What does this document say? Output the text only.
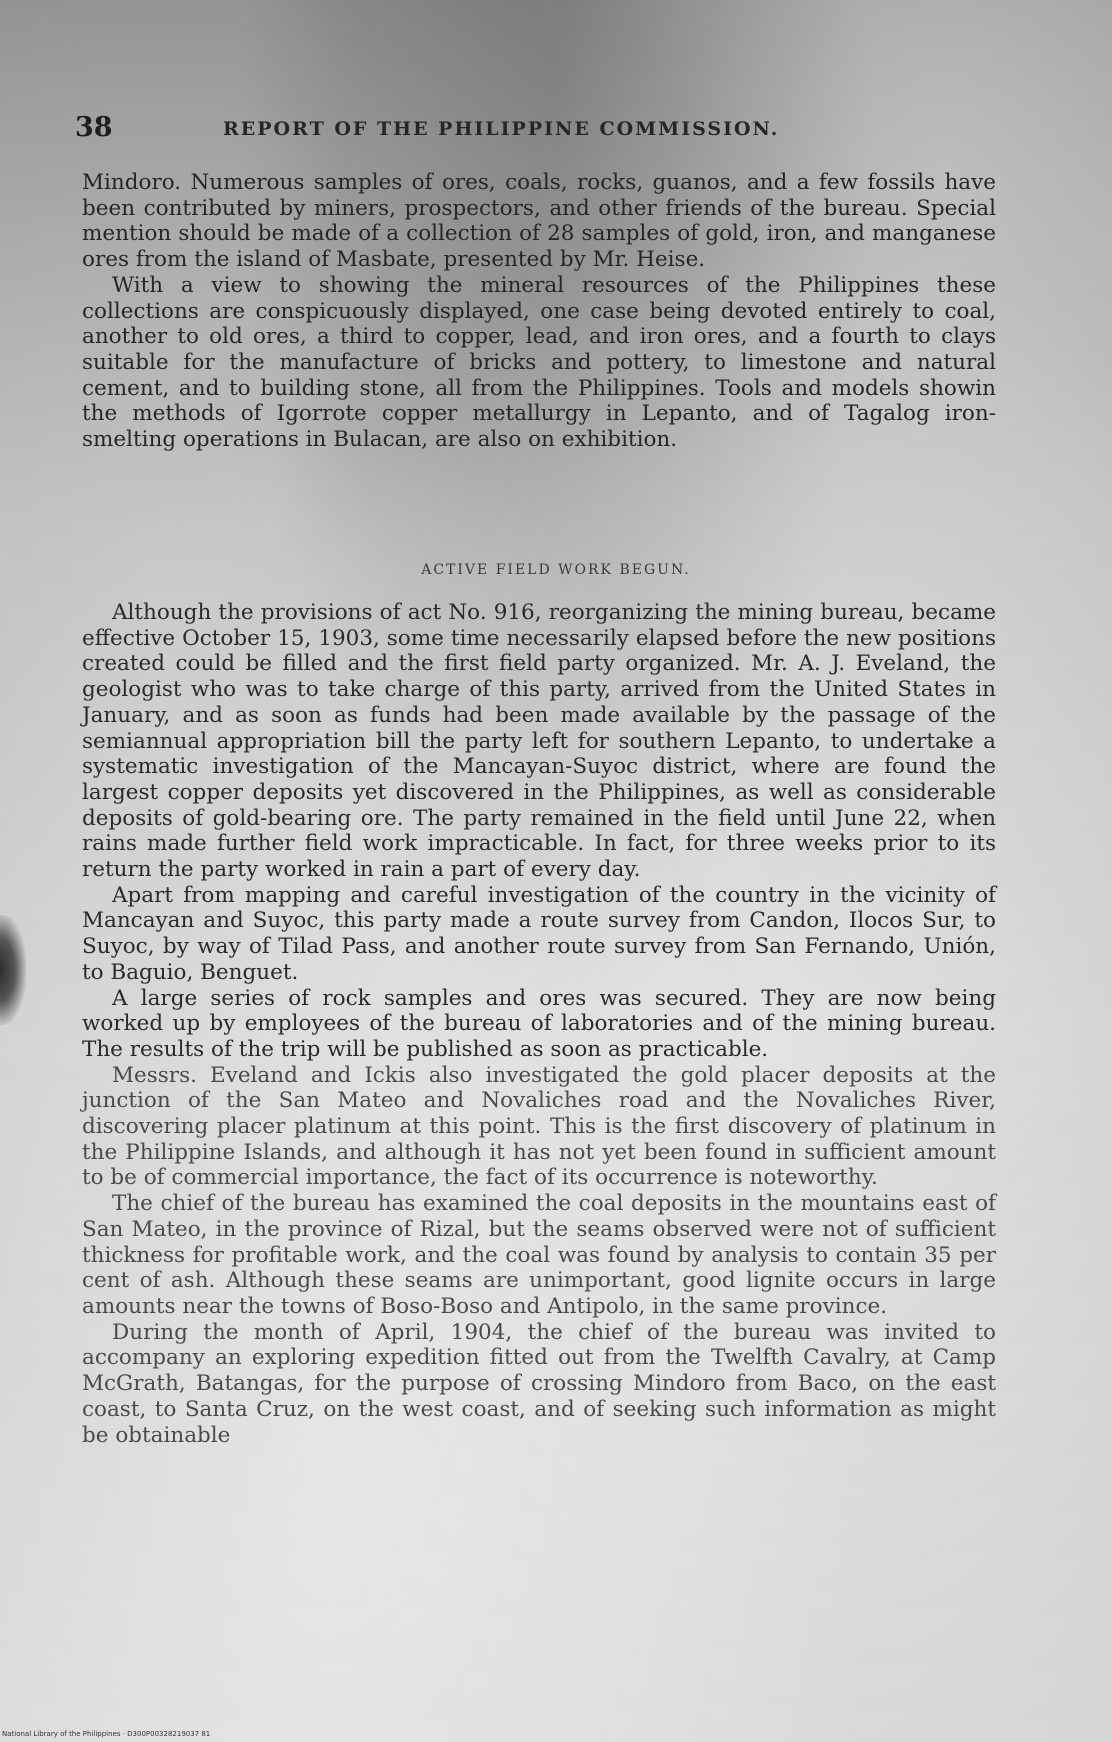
38	REPORT OF THE PHILIPPINE COMMISSION.

Mindoro. Numerous samples of ores, coals, rocks, guanos, and a few fossils have been contributed by miners, prospectors, and other friends of the bureau. Special mention should be made of a collection of 28 samples of gold, iron, and manganese ores from the island of Masbate, presented by Mr. Heise.

With a view to showing the mineral resources of the Philippines these collections are conspicuously displayed, one case being devoted entirely to coal, another to old ores, a third to copper, lead, and iron ores, and a fourth to clays suitable for the manufacture of bricks and pottery, to limestone and natural cement, and to building stone, all from the Philippines. Tools and models showin the methods of Igorrote copper metallurgy in Lepanto, and of Tagalog iron-smelting operations in Bulacan, are also on exhibition.

ACTIVE FIELD WORK BEGUN.

Although the provisions of act No. 916, reorganizing the mining bureau, became effective October 15, 1903, some time necessarily elapsed before the new positions created could be filled and the first field party organized. Mr. A. J. Eveland, the geologist who was to take charge of this party, arrived from the United States in January, and as soon as funds had been made available by the passage of the semiannual appropriation bill the party left for southern Lepanto, to undertake a systematic investigation of the Mancayan-Suyoc district, where are found the largest copper deposits yet discovered in the Philippines, as well as considerable deposits of gold-bearing ore. The party remained in the field until June 22, when rains made further field work impracticable. In fact, for three weeks prior to its return the party worked in rain a part of every day.

Apart from mapping and careful investigation of the country in the vicinity of Mancayan and Suyoc, this party made a route survey from Candon, Ilocos Sur, to Suyoc, by way of Tilad Pass, and another route survey from San Fernando, Unión, to Baguio, Benguet.

A large series of rock samples and ores was secured. They are now being worked up by employees of the bureau of laboratories and of the mining bureau. The results of the trip will be published as soon as practicable.

Messrs. Eveland and Ickis also investigated the gold placer deposits at the junction of the San Mateo and Novaliches road and the Novaliches River, discovering placer platinum at this point. This is the first discovery of platinum in the Philippine Islands, and although it has not yet been found in sufficient amount to be of commercial importance, the fact of its occurrence is noteworthy.

The chief of the bureau has examined the coal deposits in the mountains east of San Mateo, in the province of Rizal, but the seams observed were not of sufficient thickness for profitable work, and the coal was found by analysis to contain 35 per cent of ash. Although these seams are unimportant, good lignite occurs in large amounts near the towns of Boso-Boso and Antipolo, in the same province.

During the month of April, 1904, the chief of the bureau was invited to accompany an exploring expedition fitted out from the Twelfth Cavalry, at Camp McGrath, Batangas, for the purpose of crossing Mindoro from Baco, on the east coast, to Santa Cruz, on the west coast, and of seeking such information as might be obtainable

National Library of the Philippines · D300P00328219037 81
